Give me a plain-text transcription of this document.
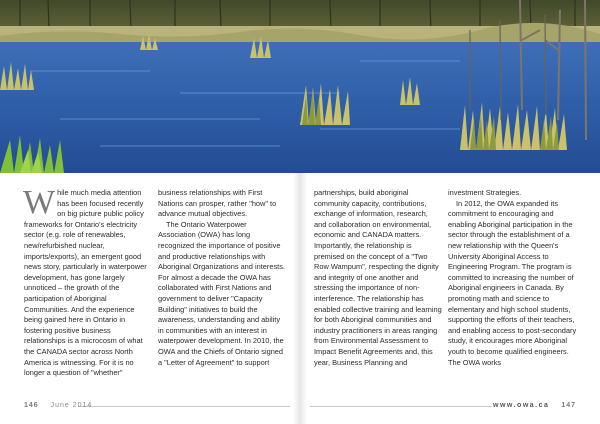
While much media attention has been focused recently on big picture public policy frameworks for Ontario's electricity sector (e.g. role of renewables, new/refurbished nuclear, imports/exports), an emergent good news story, particularly in waterpower development, has gone largely unnoticed – the growth of the participation of Aboriginal Communities. And the experience being gained here in Ontario in fostering positive business relationships is a microcosm of what the CANADA sector across North America is witnessing. For it is no longer a question of "whether"

business relationships with First Nations can prosper, rather "how" to advance mutual objectives.

The Ontario Waterpower Association (OWA) has long recognized the importance of positive and productive relationships with Aboriginal Organizations and interests. For almost a decade the OWA has collaborated with First Nations and government to deliver "Capacity Building" initiatives to build the awareness, understanding and ability in communities with an interest in waterpower development. In 2010, the OWA and the Chiefs of Ontario signed a "Letter of Agreement" to support

partnerships, build aboriginal community capacity, contributions, exchange of information, research, and collaboration on environmental, economic and CANADA matters. Importantly, the relationship is premised on the concept of a "Two Row Wampum", respecting the dignity and integrity of one another and stressing the importance of non-interference. The relationship has enabled collective training and learning for both Aboriginal communities and industry practitioners in areas ranging from Environmental Assessment to Impact Benefit Agreements and, this year, Business Planning and

investment Strategies.

In 2012, the OWA expanded its commitment to encouraging and enabling Aboriginal participation in the sector through the establishment of a new relationship with the Queen's University Aboriginal Access to Engineering Program. The program is committed to increasing the number of Aboriginal engineers in Canada. By promoting math and science to elementary and high school students, supporting the efforts of their teachers, and enabling access to post-secondary study, it encourages more Aboriginal youth to become qualified engineers. The OWA works

146 June 2014	www.owa.ca 147
